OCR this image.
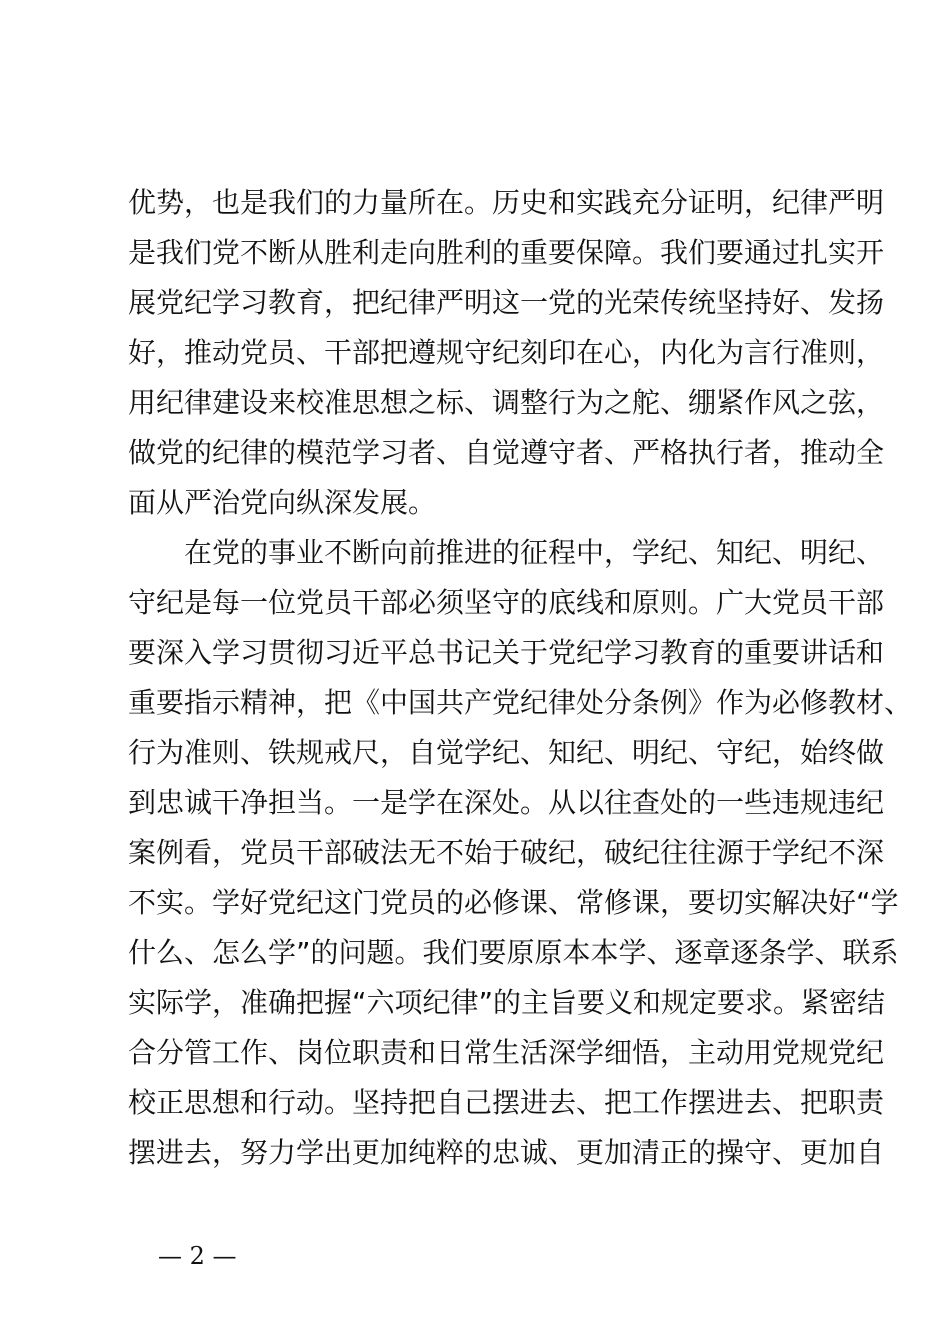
优势，也是我们的力量所在。历史和实践充分证明，纪律严明
是我们党不断从胜利走向胜利的重要保障。我们要通过扎实开
展党纪学习教育，把纪律严明这一党的光荣传统坚持好、发扬
好，推动党员、干部把遵规守纪刻印在心，内化为言行准则，
用纪律建设来校准思想之标、调整行为之舵、绷紧作风之弦，
做党的纪律的模范学习者、自觉遵守者、严格执行者，推动全
面从严治党向纵深发展。
　　在党的事业不断向前推进的征程中，学纪、知纪、明纪、
守纪是每一位党员干部必须坚守的底线和原则。广大党员干部
要深入学习贯彻习近平总书记关于党纪学习教育的重要讲话和
重要指示精神，把《中国共产党纪律处分条例》作为必修教材、
行为准则、铁规戒尺，自觉学纪、知纪、明纪、守纪，始终做
到忠诚干净担当。一是学在深处。从以往查处的一些违规违纪
案例看，党员干部破法无不始于破纪，破纪往往源于学纪不深
不实。学好党纪这门党员的必修课、常修课，要切实解决好“学
什么、怎么学”的问题。我们要原原本本学、逐章逐条学、联系
实际学，准确把握“六项纪律”的主旨要义和规定要求。紧密结
合分管工作、岗位职责和日常生活深学细悟，主动用党规党纪
校正思想和行动。坚持把自己摆进去、把工作摆进去、把职责
摆进去，努力学出更加纯粹的忠诚、更加清正的操守、更加自
— 2 —
